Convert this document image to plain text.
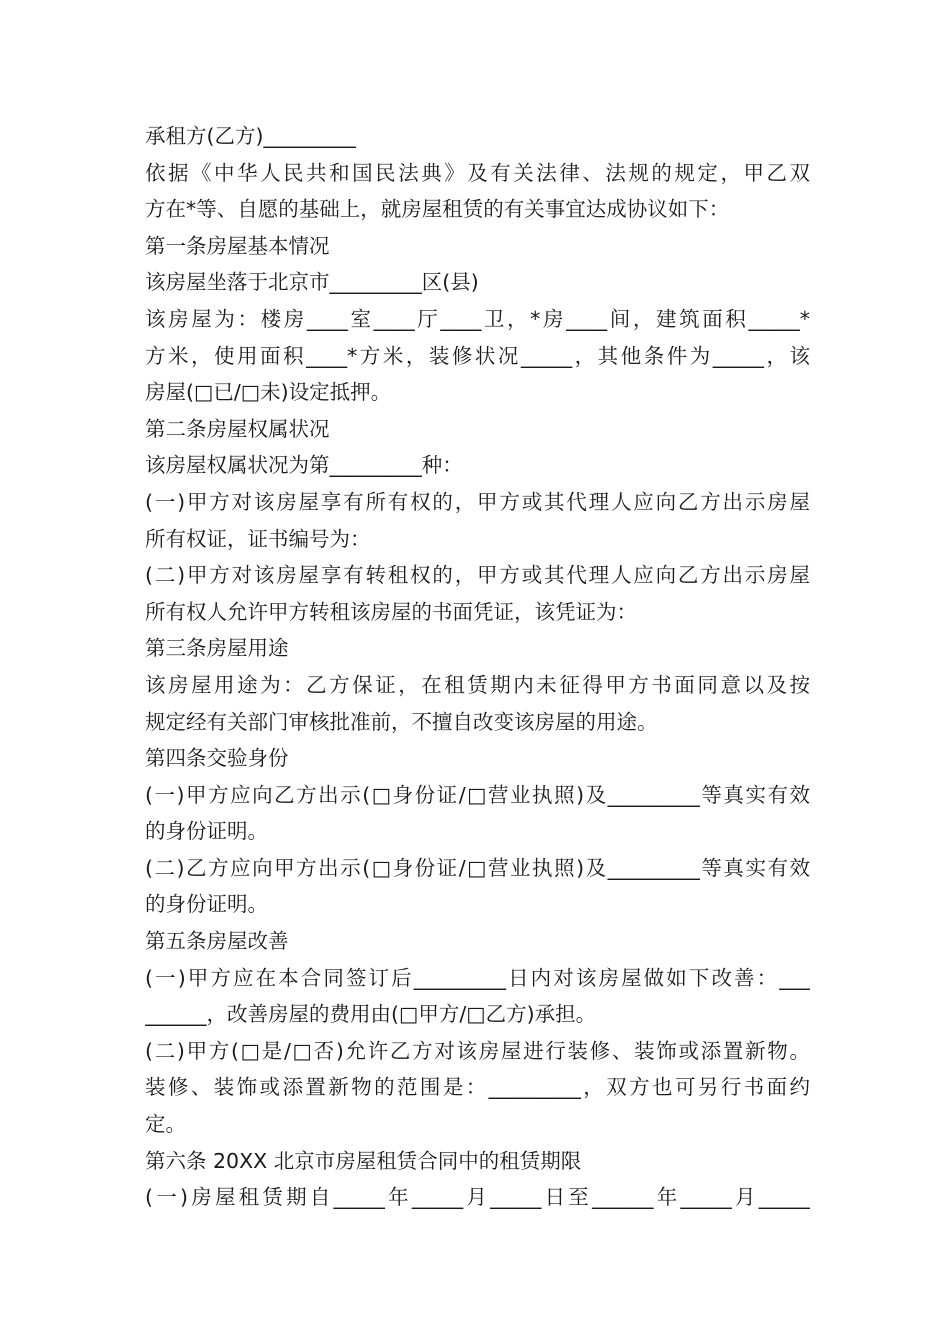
承租方(乙方)_________
依据《中华人民共和国民法典》及有关法律、法规的规定，甲乙双
方在*等、自愿的基础上，就房屋租赁的有关事宜达成协议如下：
第一条房屋基本情况
该房屋坐落于北京市_________区(县)
该房屋为：楼房____室____厅____卫，*房____间，建筑面积_____*
方米，使用面积____*方米，装修状况_____，其他条件为_____，该
房屋(□已/□未)设定抵押。
第二条房屋权属状况
该房屋权属状况为第_________种：
(一)甲方对该房屋享有所有权的，甲方或其代理人应向乙方出示房屋
所有权证，证书编号为：
(二)甲方对该房屋享有转租权的，甲方或其代理人应向乙方出示房屋
所有权人允许甲方转租该房屋的书面凭证，该凭证为：
第三条房屋用途
该房屋用途为：乙方保证，在租赁期内未征得甲方书面同意以及按
规定经有关部门审核批准前，不擅自改变该房屋的用途。
第四条交验身份
(一)甲方应向乙方出示(□身份证/□营业执照)及_________等真实有效
的身份证明。
(二)乙方应向甲方出示(□身份证/□营业执照)及_________等真实有效
的身份证明。
第五条房屋改善
(一)甲方应在本合同签订后_________日内对该房屋做如下改善：___
______，改善房屋的费用由(□甲方/□乙方)承担。
(二)甲方(□是/□否)允许乙方对该房屋进行装修、装饰或添置新物。
装修、装饰或添置新物的范围是：_________，双方也可另行书面约
定。
第六条 20XX 北京市房屋租赁合同中的租赁期限
(一)房屋租赁期自_____年_____月_____日至______年_____月_____
